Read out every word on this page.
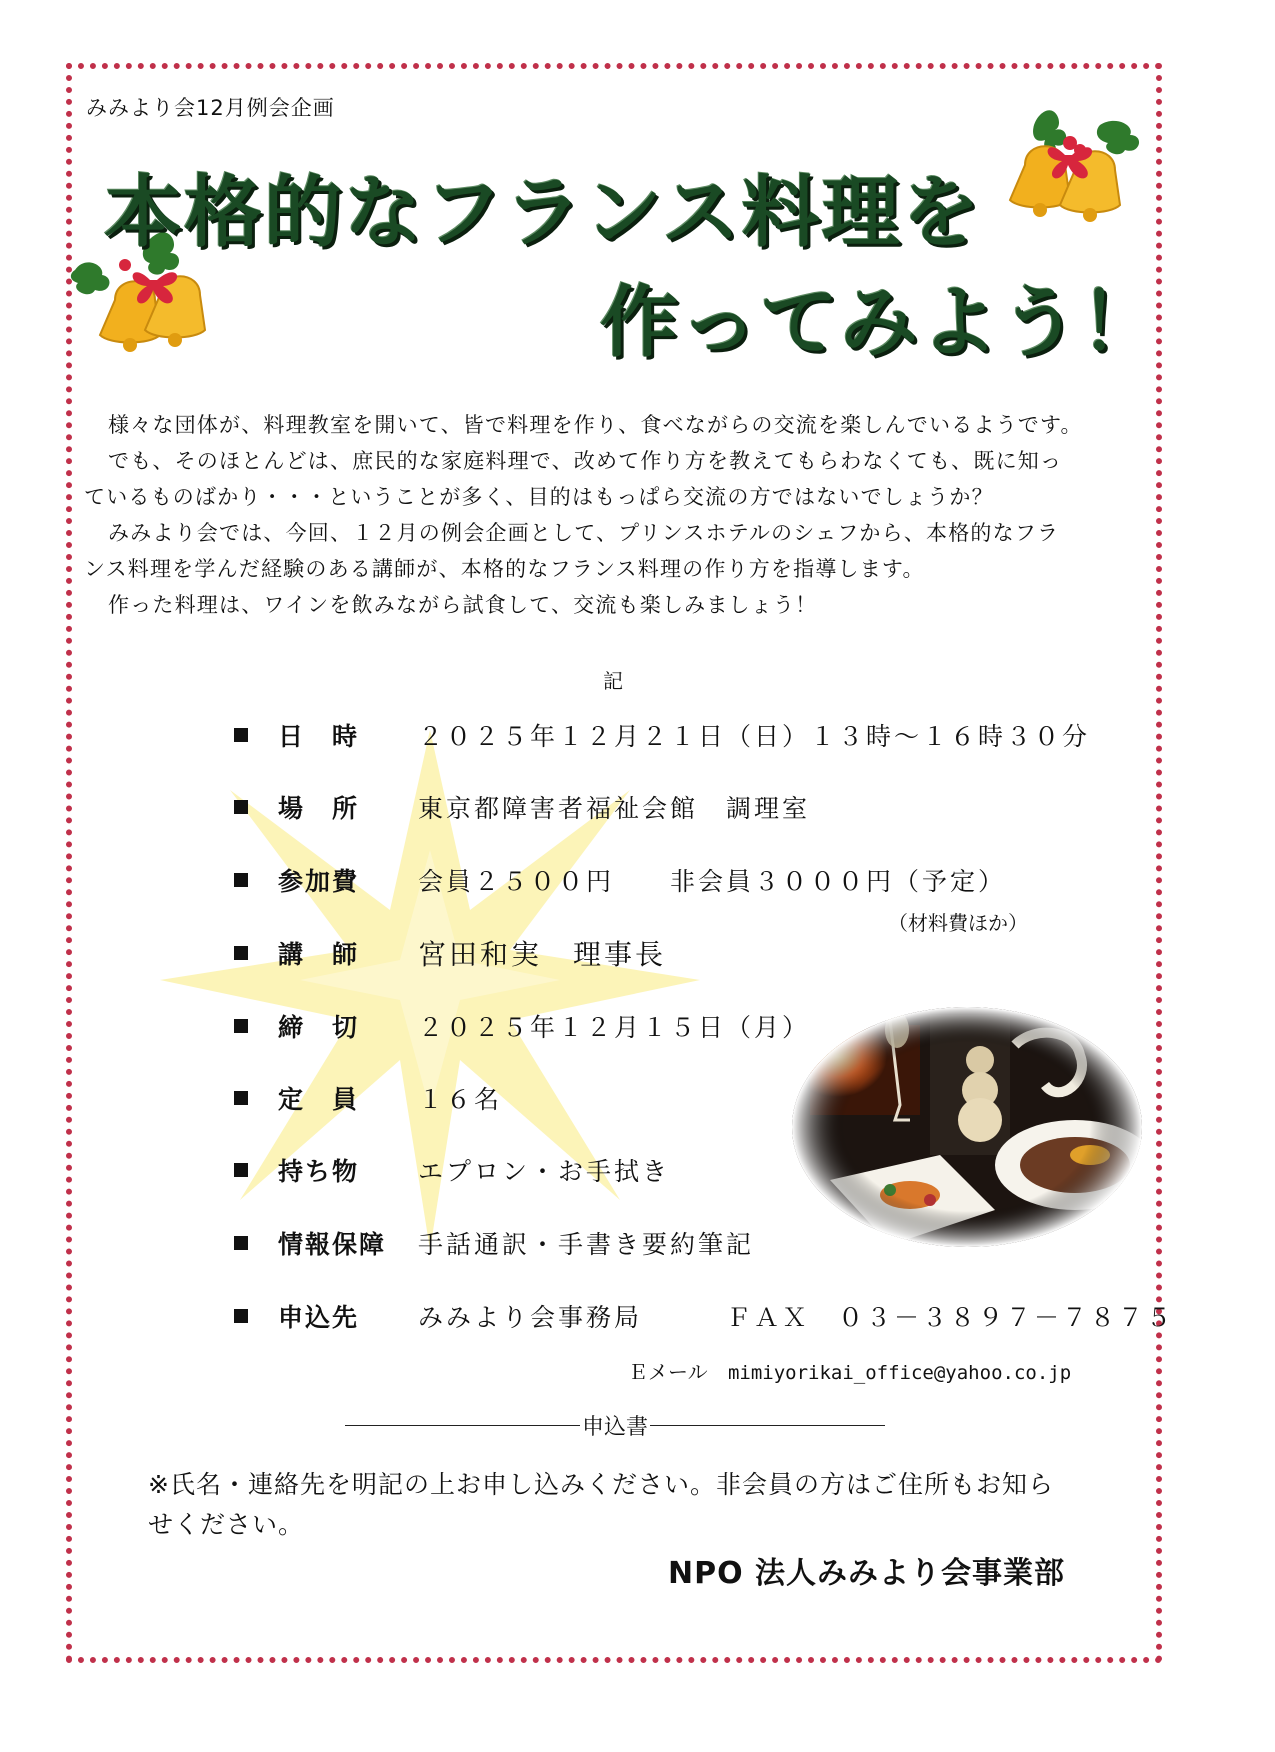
みみより会12月例会企画
本格的なフランス料理を
作ってみよう！

様々な団体が、料理教室を開いて、皆で料理を作り、食べながらの交流を楽しんでいるようです。

でも、そのほとんどは、庶民的な家庭料理で、改めて作り方を教えてもらわなくても、既に知っ

ているものばかり・・・ということが多く、目的はもっぱら交流の方ではないでしょうか？

みみより会では、今回、１２月の例会企画として、プリンスホテルのシェフから、本格的なフラ

ンス料理を学んだ経験のある講師が、本格的なフランス料理の作り方を指導します。

作った料理は、ワインを飲みながら試食して、交流も楽しみましょう！

記
日　時	２０２５年１２月２１日（日）１３時～１６時３０分
場　所	東京都障害者福祉会館　調理室
参加費	会員２５００円　　非会員３０００円（予定）
（材料費ほか）
講　師	宮田和実　理事長
締　切	２０２５年１２月１５日（月）
定　員	１６名
持ち物	エプロン・お手拭き
情報保障	手話通訳・手書き要約筆記
申込先	みみより会事務局　　　ＦＡＸ　０３－３８９７－７８７５
Ｅメール mimiyorikai_office@yahoo.co.jp
申込書
※氏名・連絡先を明記の上お申し込みください。非会員の方はご住所もお知らせください。
NPO 法人みみより会事業部
